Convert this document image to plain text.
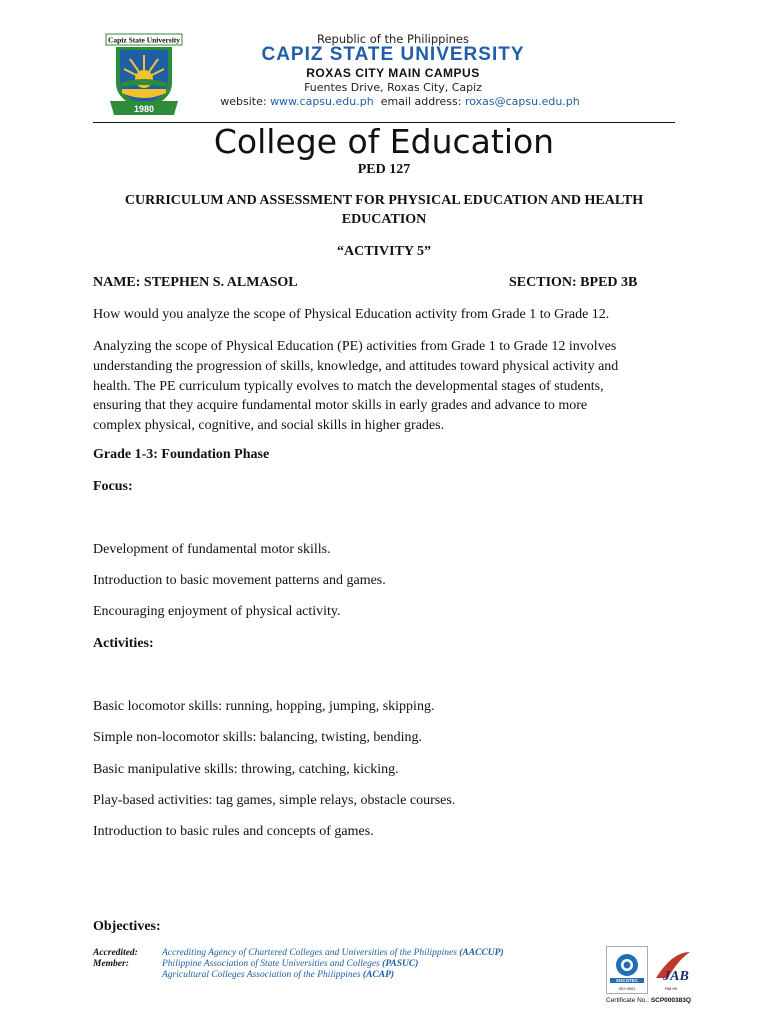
Capiz State University
1980
Republic of the Philippines
CAPIZ STATE UNIVERSITY
ROXAS CITY MAIN CAMPUS
Fuentes Drive, Roxas City, Capiz
website: www.capsu.edu.ph email address: roxas@capsu.edu.ph
College of Education
PED 127
CURRICULUM AND ASSESSMENT FOR PHYSICAL EDUCATION AND HEALTH
EDUCATION
“ACTIVITY 5”
NAME: STEPHEN S. ALMASOL	SECTION: BPED 3B
How would you analyze the scope of Physical Education activity from Grade 1 to Grade 12.
Analyzing the scope of Physical Education (PE) activities from Grade 1 to Grade 12 involves
understanding the progression of skills, knowledge, and attitudes toward physical activity and
health. The PE curriculum typically evolves to match the developmental stages of students,
ensuring that they acquire fundamental motor skills in early grades and advance to more
complex physical, cognitive, and social skills in higher grades.
Grade 1-3: Foundation Phase
Focus:
Development of fundamental motor skills.
Introduction to basic movement patterns and games.
Encouraging enjoyment of physical activity.
Activities:
Basic locomotor skills: running, hopping, jumping, skipping.
Simple non-locomotor skills: balancing, twisting, bending.
Basic manipulative skills: throwing, catching, kicking.
Play-based activities: tag games, simple relays, obstacle courses.
Introduction to basic rules and concepts of games.
Objectives:
Accredited:
Member:
Accrediting Agency of Chartered Colleges and Universities of the Philippines (AACCUP)
Philippine Association of State Universities and Colleges (PASUC)
Agricultural Colleges Association of the Philippines (ACAP)
SOCOTEC
ISO 9001
JAB
RM-99
Certificate No.: SCP000383Q
